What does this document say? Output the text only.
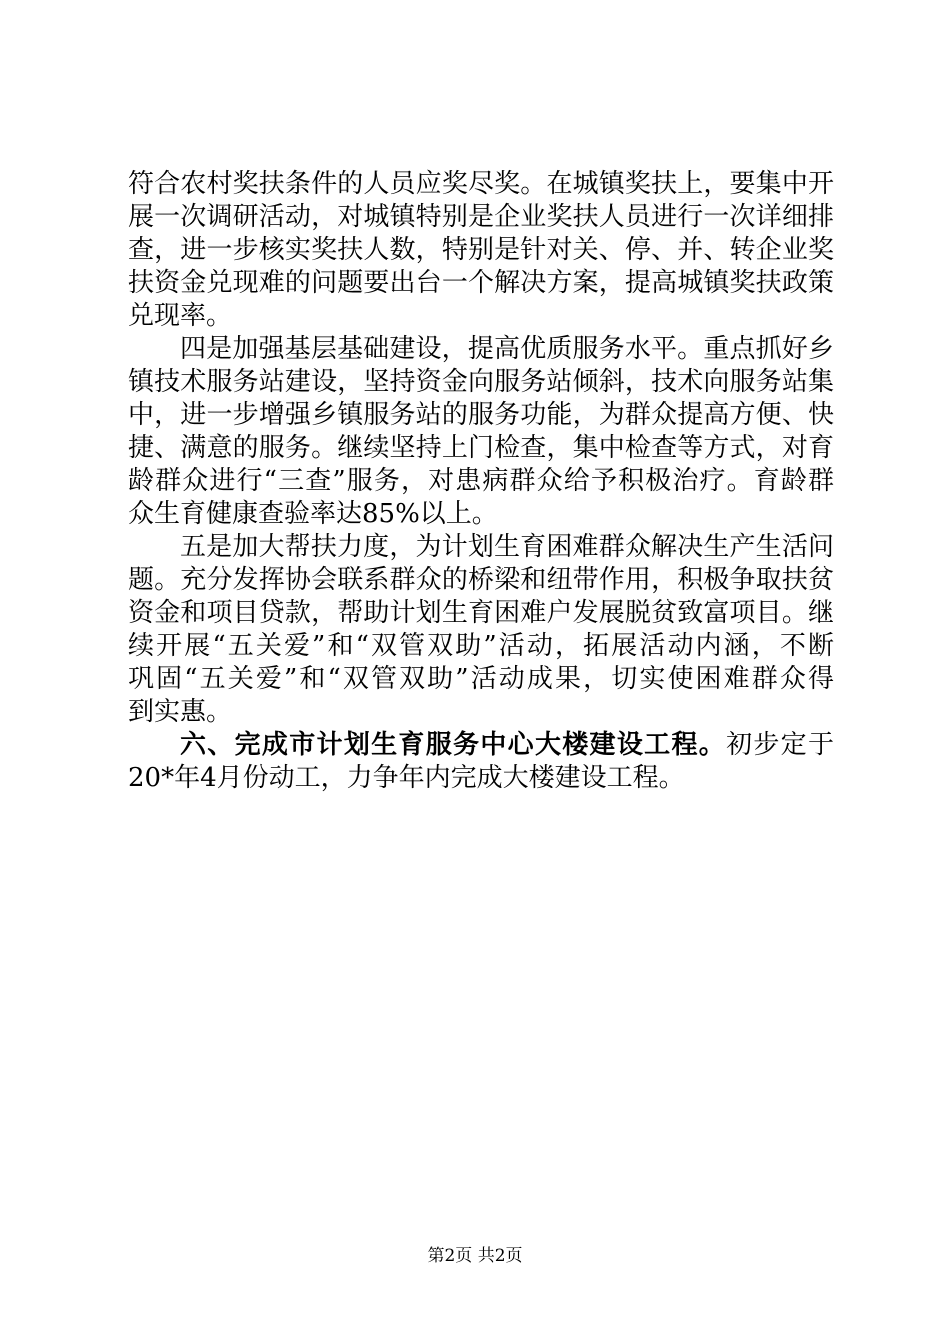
符合农村奖扶条件的人员应奖尽奖。在城镇奖扶上，要集中开
展一次调研活动，对城镇特别是企业奖扶人员进行一次详细排
查，进一步核实奖扶人数，特别是针对关、停、并、转企业奖
扶资金兑现难的问题要出台一个解决方案，提高城镇奖扶政策
兑现率。
四是加强基层基础建设，提高优质服务水平。重点抓好乡
镇技术服务站建设，坚持资金向服务站倾斜，技术向服务站集
中，进一步增强乡镇服务站的服务功能，为群众提高方便、快
捷、满意的服务。继续坚持上门检查，集中检查等方式，对育
龄群众进行“三查”服务，对患病群众给予积极治疗。育龄群
众生育健康查验率达85%以上。
五是加大帮扶力度，为计划生育困难群众解决生产生活问
题。充分发挥协会联系群众的桥梁和纽带作用，积极争取扶贫
资金和项目贷款，帮助计划生育困难户发展脱贫致富项目。继
续开展“五关爱”和“双管双助”活动，拓展活动内涵，不断
巩固“五关爱”和“双管双助”活动成果，切实使困难群众得
到实惠。
六、完成市计划生育服务中心大楼建设工程。初步定于
20*年4月份动工，力争年内完成大楼建设工程。
第2页 共2页
